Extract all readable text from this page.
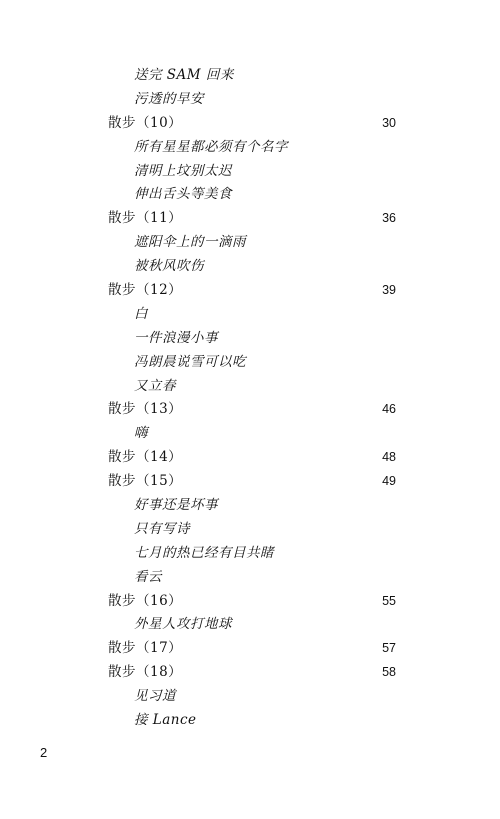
送完 SAM 回来
污透的早安
散步（10）	30
所有星星都必须有个名字
清明上坟别太迟
伸出舌头等美食
散步（11）	36
遮阳伞上的一滴雨
被秋风吹伤
散步（12）	39
白
一件浪漫小事
冯朗晨说雪可以吃
又立春
散步（13）	46
嗨
散步（14）	48
散步（15）	49
好事还是坏事
只有写诗
七月的热已经有目共睹
看云
散步（16）	55
外星人攻打地球
散步（17）	57
散步（18）	58
见习道
接 Lance
2
